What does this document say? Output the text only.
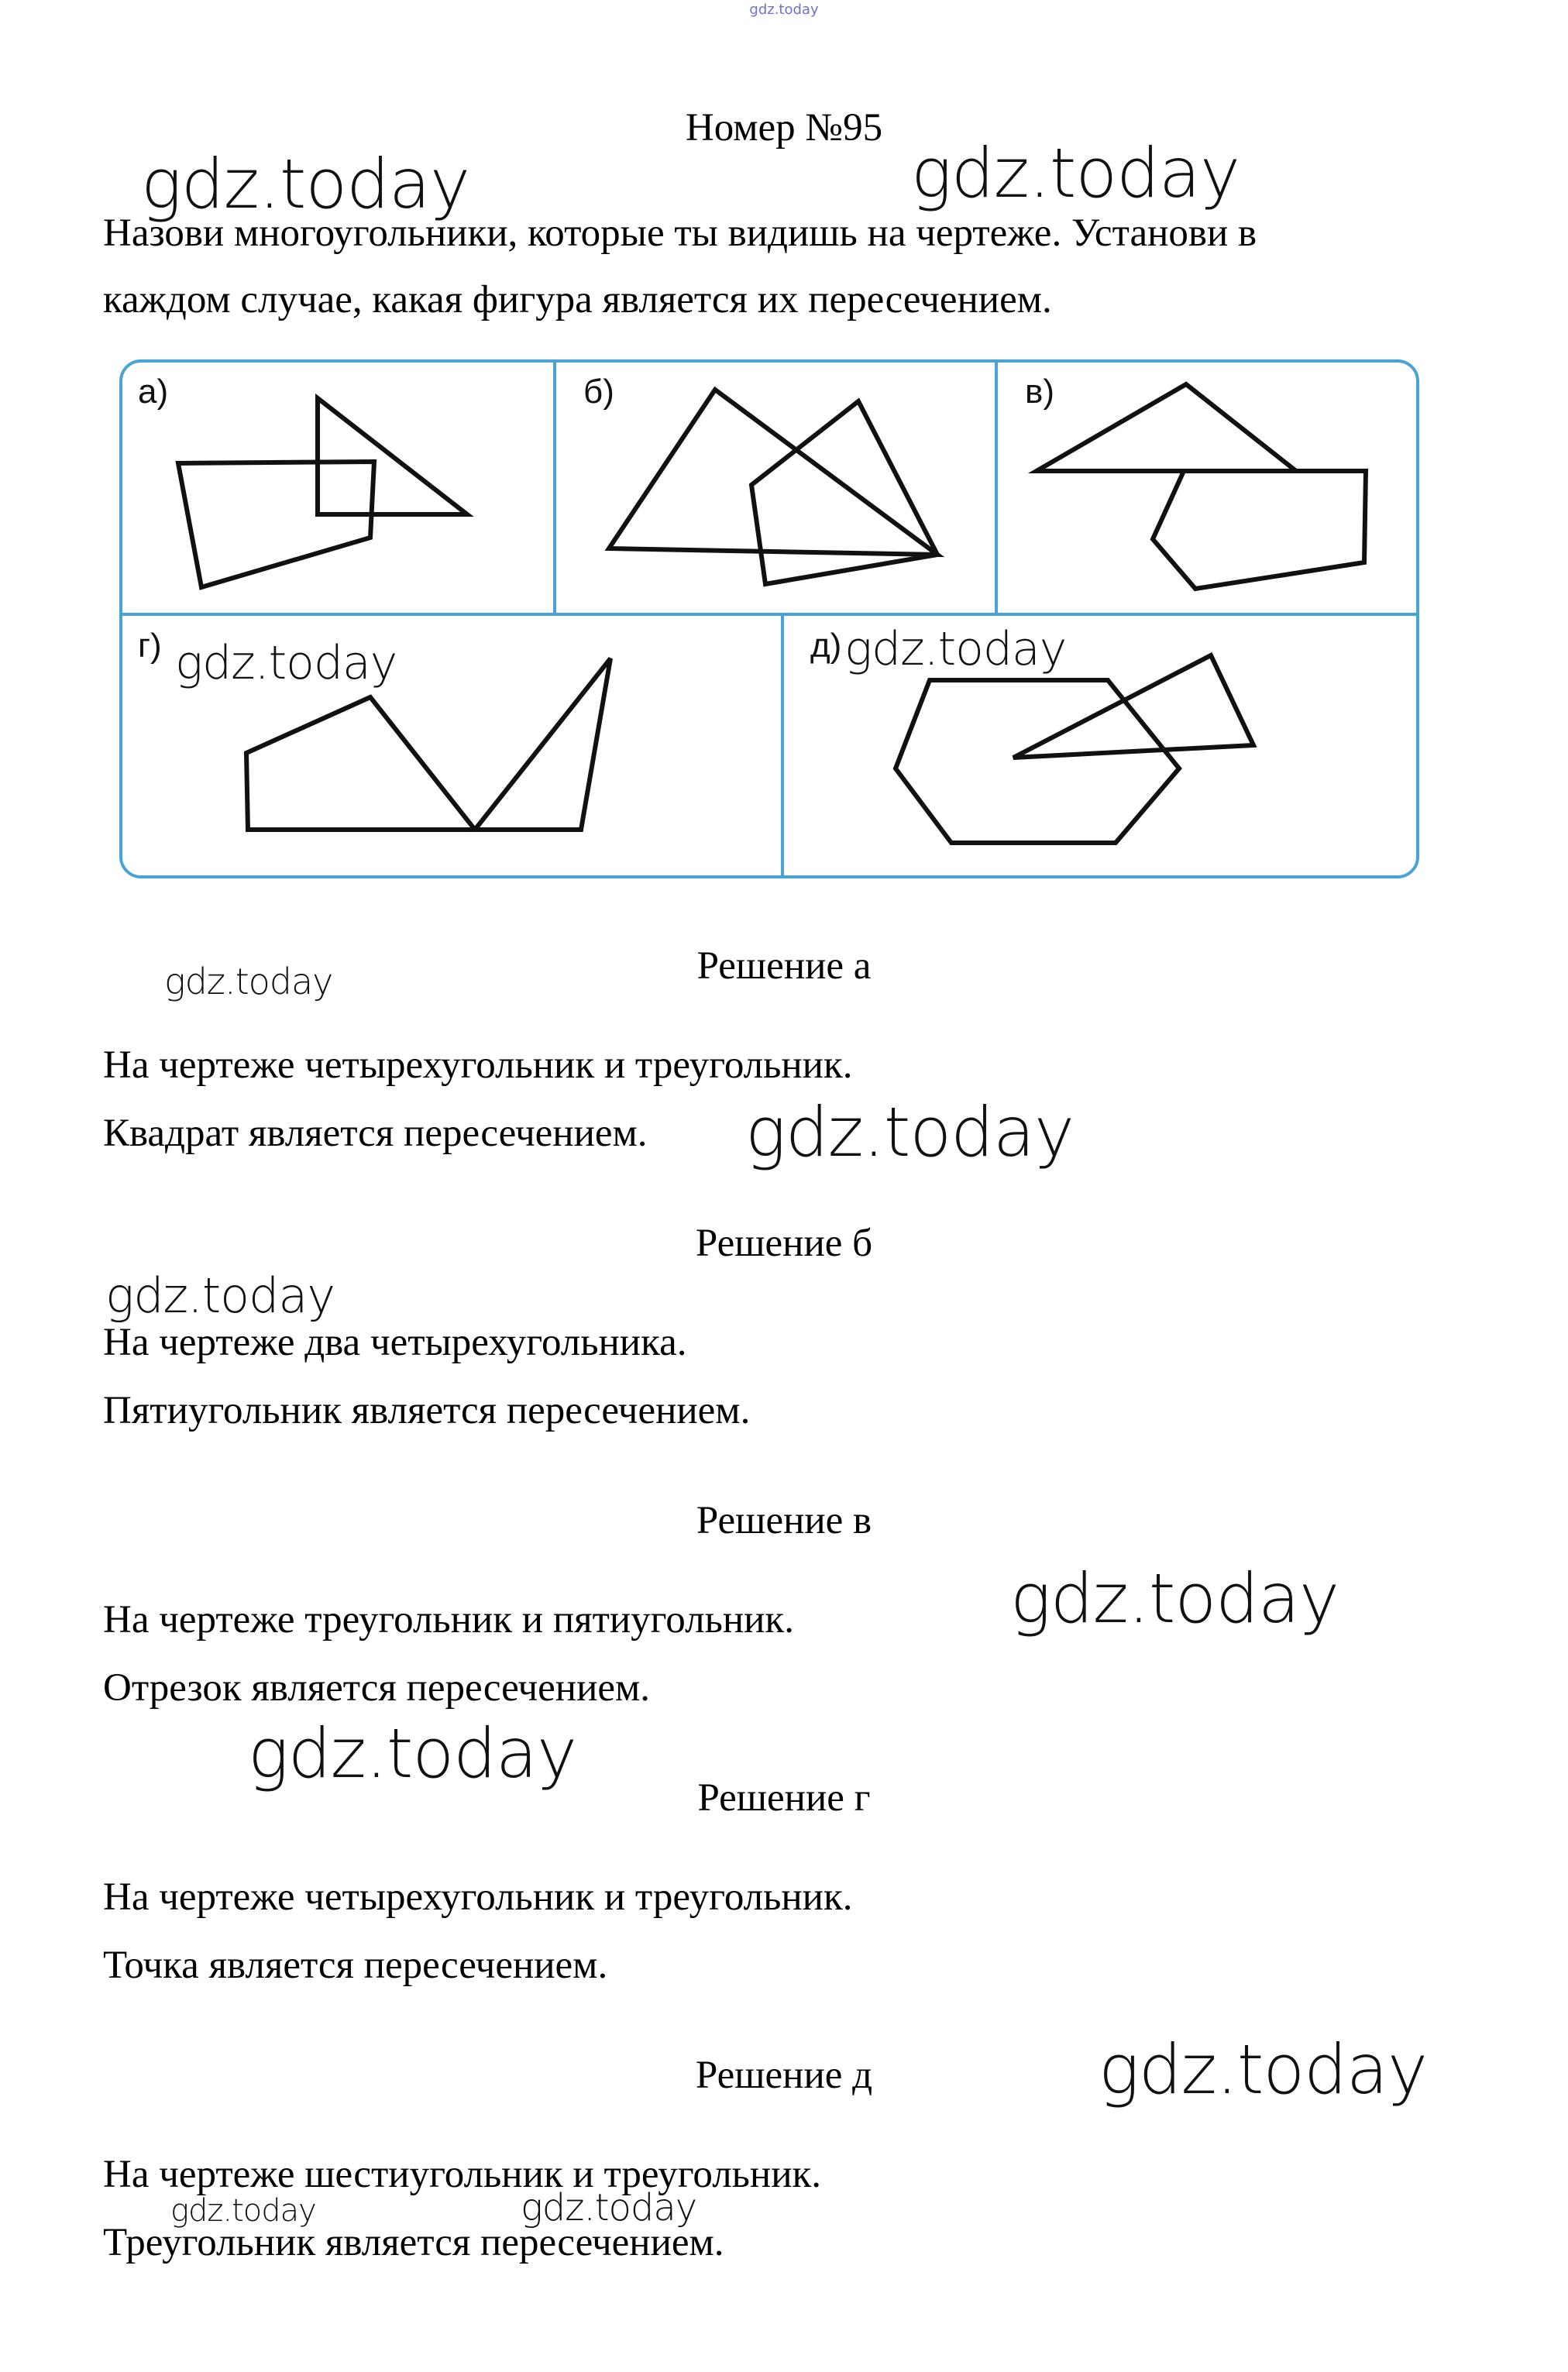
gdz.today
Номер №95
Назови многоугольники, которые ты видишь на чертеже. Установи в
каждом случае, какая фигура является их пересечением.
а)	б)	в)
г)	д)
Решение а
На чертеже четырехугольник и треугольник.
Квадрат является пересечением.
Решение б
На чертеже два четырехугольника.
Пятиугольник является пересечением.
Решение в
На чертеже треугольник и пятиугольник.
Отрезок является пересечением.
Решение г
На чертеже четырехугольник и треугольник.
Точка является пересечением.
Решение д
На чертеже шестиугольник и треугольник.
Треугольник является пересечением.
gdz.today	gdz.today
gdz.today	gdz.today
gdz.today
gdz.today
gdz.today
gdz.today
gdz.today
gdz.today
gdz.today	gdz.today
